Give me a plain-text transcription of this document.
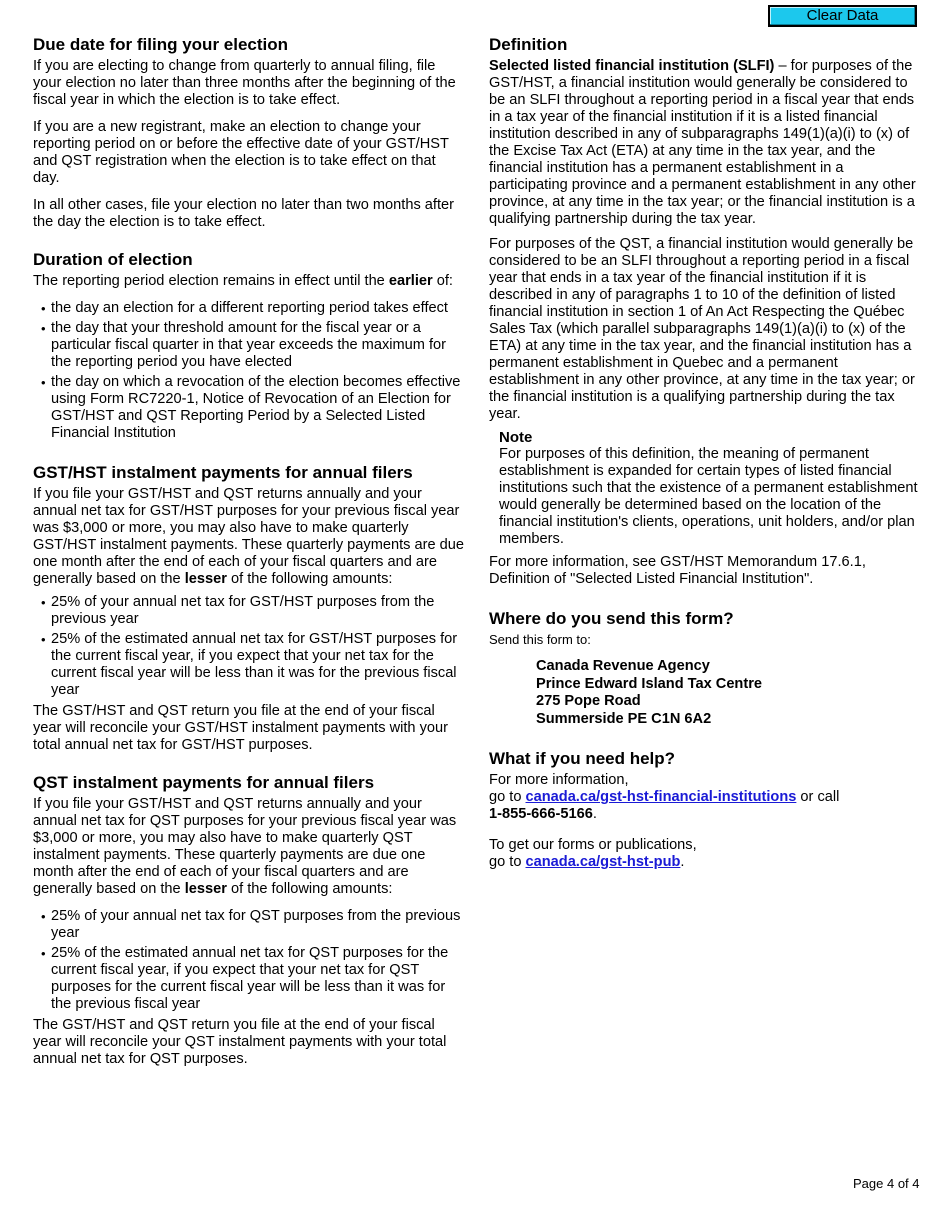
Clear Data
Due date for filing your election

If you are electing to change from quarterly to annual filing, file your election no later than three months after the beginning of the fiscal year in which the election is to take effect.

If you are a new registrant, make an election to change your reporting period on or before the effective date of your GST/HST and QST registration when the election is to take effect on that day.

In all other cases, file your election no later than two months after the day the election is to take effect.

Duration of election

The reporting period election remains in effect until the earlier of:

• the day an election for a different reporting period takes effect
• the day that your threshold amount for the fiscal year or a particular fiscal quarter in that year exceeds the maximum for the reporting period you have elected
• the day on which a revocation of the election becomes effective using Form RC7220-1, Notice of Revocation of an Election for GST/HST and QST Reporting Period by a Selected Listed Financial Institution
GST/HST instalment payments for annual filers

If you file your GST/HST and QST returns annually and your annual net tax for GST/HST purposes for your previous fiscal year was $3,000 or more, you may also have to make quarterly GST/HST instalment payments. These quarterly payments are due one month after the end of each of your fiscal quarters and are generally based on the lesser of the following amounts:

• 25% of your annual net tax for GST/HST purposes from the previous year
• 25% of the estimated annual net tax for GST/HST purposes for the current fiscal year, if you expect that your net tax for the current fiscal year will be less than it was for the previous fiscal year

The GST/HST and QST return you file at the end of your fiscal year will reconcile your GST/HST instalment payments with your total annual net tax for GST/HST purposes.

QST instalment payments for annual filers

If you file your GST/HST and QST returns annually and your annual net tax for QST purposes for your previous fiscal year was $3,000 or more, you may also have to make quarterly QST instalment payments. These quarterly payments are due one month after the end of each of your fiscal quarters and are generally based on the lesser of the following amounts:

• 25% of your annual net tax for QST purposes from the previous year
• 25% of the estimated annual net tax for QST purposes for the current fiscal year, if you expect that your net tax for QST purposes for the current fiscal year will be less than it was for the previous fiscal year

The GST/HST and QST return you file at the end of your fiscal year will reconcile your QST instalment payments with your total annual net tax for QST purposes.

Definition

Selected listed financial institution (SLFI) – for purposes of the GST/HST, a financial institution would generally be considered to be an SLFI throughout a reporting period in a fiscal year that ends in a tax year of the financial institution if it is a listed financial institution described in any of subparagraphs 149(1)(a)(i) to (x) of the Excise Tax Act (ETA) at any time in the tax year, and the financial institution has a permanent establishment in a participating province and a permanent establishment in any other province, at any time in the tax year; or the financial institution is a qualifying partnership during the tax year.

For purposes of the QST, a financial institution would generally be considered to be an SLFI throughout a reporting period in a fiscal year that ends in a tax year of the financial institution if it is described in any of paragraphs 1 to 10 of the definition of listed financial institution in section 1 of An Act Respecting the Québec Sales Tax (which parallel subparagraphs 149(1)(a)(i) to (x) of the ETA) at any time in the tax year, and the financial institution has a permanent establishment in Quebec and a permanent establishment in any other province, at any time in the tax year; or the financial institution is a qualifying partnership during the tax year.

Note

For purposes of this definition, the meaning of permanent establishment is expanded for certain types of listed financial institutions such that the existence of a permanent establishment would generally be determined based on the location of the financial institution's clients, operations, unit holders, and/or plan members.

For more information, see GST/HST Memorandum 17.6.1, Definition of "Selected Listed Financial Institution".

Where do you send this form?

Send this form to:

Canada Revenue Agency
Prince Edward Island Tax Centre
275 Pope Road
Summerside PE C1N 6A2
What if you need help?

For more information,

go to canada.ca/gst-hst-financial-institutions or call

1-855-666-5166.

To get our forms or publications,

go to canada.ca/gst-hst-pub.

Page 4 of 4
